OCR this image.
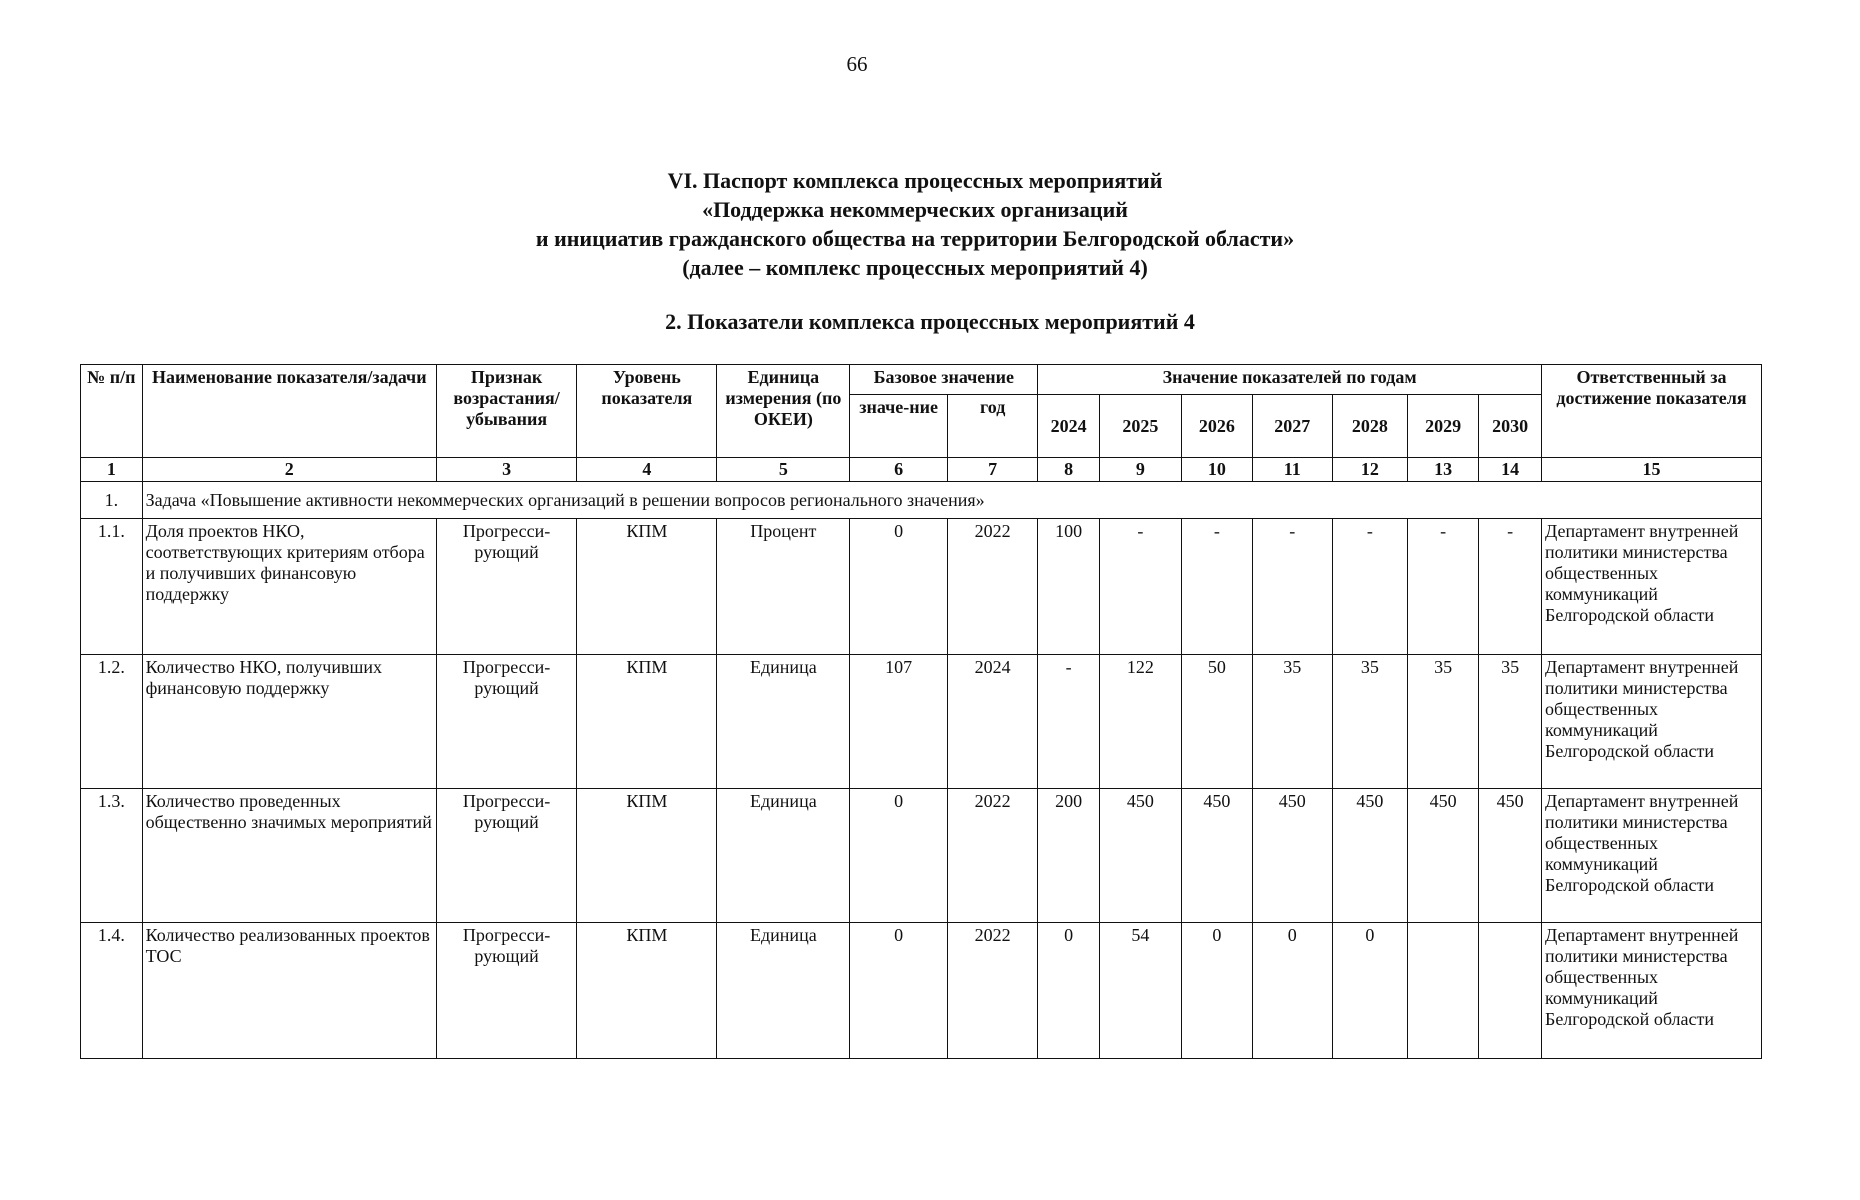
66
VI. Паспорт комплекса процессных мероприятий
«Поддержка некоммерческих организаций
и инициатив гражданского общества на территории Белгородской области»
(далее – комплекс процессных мероприятий 4)
2. Показатели комплекса процессных мероприятий 4
№ п/п	Наименование показателя/задачи	Признак возрастания/ убывания	Уровень показателя	Единица измерения (по ОКЕИ)	Базовое значение		Значение показателей по годам							Ответственный за достижение показателя
					значе-ние	год	2024	2025	2026	2027	2028	2029	2030	
1	2	3	4	5	6	7	8	9	10	11	12	13	14	15
1.	Задача «Повышение активности некоммерческих организаций в решении вопросов регионального значения»													
1.1.	Доля проектов НКО, соответствующих критериям отбора и получивших финансовую поддержку	Прогресси-рующий	КПМ	Процент	0	2022	100	-	-	-	-	-	-	Департамент внутренней политики министерства общественных коммуникаций Белгородской области
1.2.	Количество НКО, получивших финансовую поддержку	Прогресси-рующий	КПМ	Единица	107	2024	-	122	50	35	35	35	35	Департамент внутренней политики министерства общественных коммуникаций Белгородской области
1.3.	Количество проведенных общественно значимых мероприятий	Прогресси-рующий	КПМ	Единица	0	2022	200	450	450	450	450	450	450	Департамент внутренней политики министерства общественных коммуникаций Белгородской области
1.4.	Количество реализованных проектов ТОС	Прогресси-рующий	КПМ	Единица	0	2022	0	54	0	0	0			Департамент внутренней политики министерства общественных коммуникаций Белгородской области
